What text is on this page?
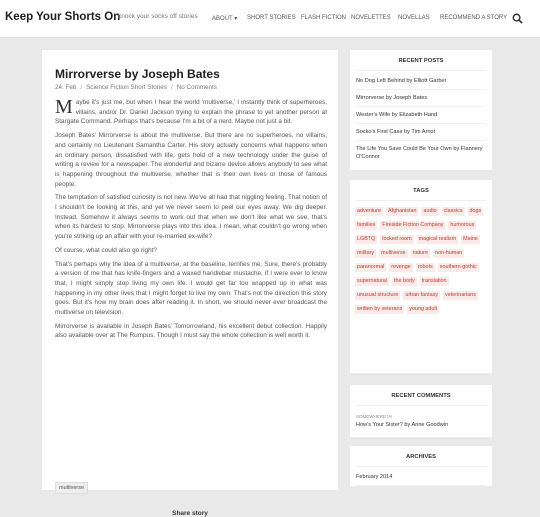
Keep Your Shorts On
knock your socks off stories ABOUT ▾ SHORT STORIES FLASH FICTION NOVELETTES NOVELLAS RECOMMEND A STORY
Mirrorverse by Joseph Bates
24. Feb / Science Fiction Short Stories / No Comments

Maybe it's just me, but when I hear the world 'multiverse,' I instantly think of superheroes, villains, and/or Dr. Daniel Jackson trying to explain the phrase to yet another person at Stargate Command. Perhaps that's because I'm a bit of a nerd. Maybe not just a bit.

Joseph Bates' Mirrorverse is about the multiverse. But there are no superheroes, no villains, and certainly no Lieutenant Samantha Carter. His story actually concerns what happens when an ordinary person, dissatisfied with life, gets hold of a new technology under the guise of writing a review for a newspaper. The wonderful and bizarre device allows anybody to see what is happening throughout the multiverse, whether that is their own lives or those of famous people.

The temptation of satisfied curiosity is not new. We've all had that niggling feeling. That notion of I shouldn't be looking at this, and yet we never seem to peel our eyes away. We dig deeper. Instead. Somehow it always seems to work out that when we don't like what we see, that's when its hardest to stop. Mirrorverse plays into this idea. I mean, what couldn't go wrong when you're striking up an affair with your re-married ex-wife?

Of course, what could also go right?

That's perhaps why the idea of a multiverse, at the baseline, terrifies me. Sure, there's probably a version of me that has knife-fingers and a waxed handlebar mustache, if I were ever to know that, I might simply stop living my own life. I would get far too wrapped up in what was happening in my other lives that I might forget to live my own. That's not the direction this story goes. But it's how my brain does after reading it. In short, we should never ever broadcast the multiverse on television.

Mirrorverse is available in Joseph Bates' Tomorrowland, his excellent debut collection. Happily also available over at The Rumpus. Though I must say the whole collection is well worth it.

multiverse
Share story
RECENT POSTS
No Dog Left Behind by Elliott Garber
Mirrorverse by Joseph Bates
Wester's Wife by Elizabeth Hand
Socko's First Case by Tim Arnot
The Life You Save Could Be Your Own by Flannery O'Connor
TAGS
adventure	Afghanistan	audio	classics	dogs
families	Fireside Fiction Company	humorous
LGBTQ	locked room	magical realism	Maine
military	multiverse	nature	non-human
paranormal	revenge	robots	southern gothic
supernatural	the body	translation
unusual structure	urban fantasy	veterinarians
written by veterans	young adult
RECENT COMMENTS
SOMEWHERE IN
How's Your Sister? by Anne Goodwin
ARCHIVES
February 2014
